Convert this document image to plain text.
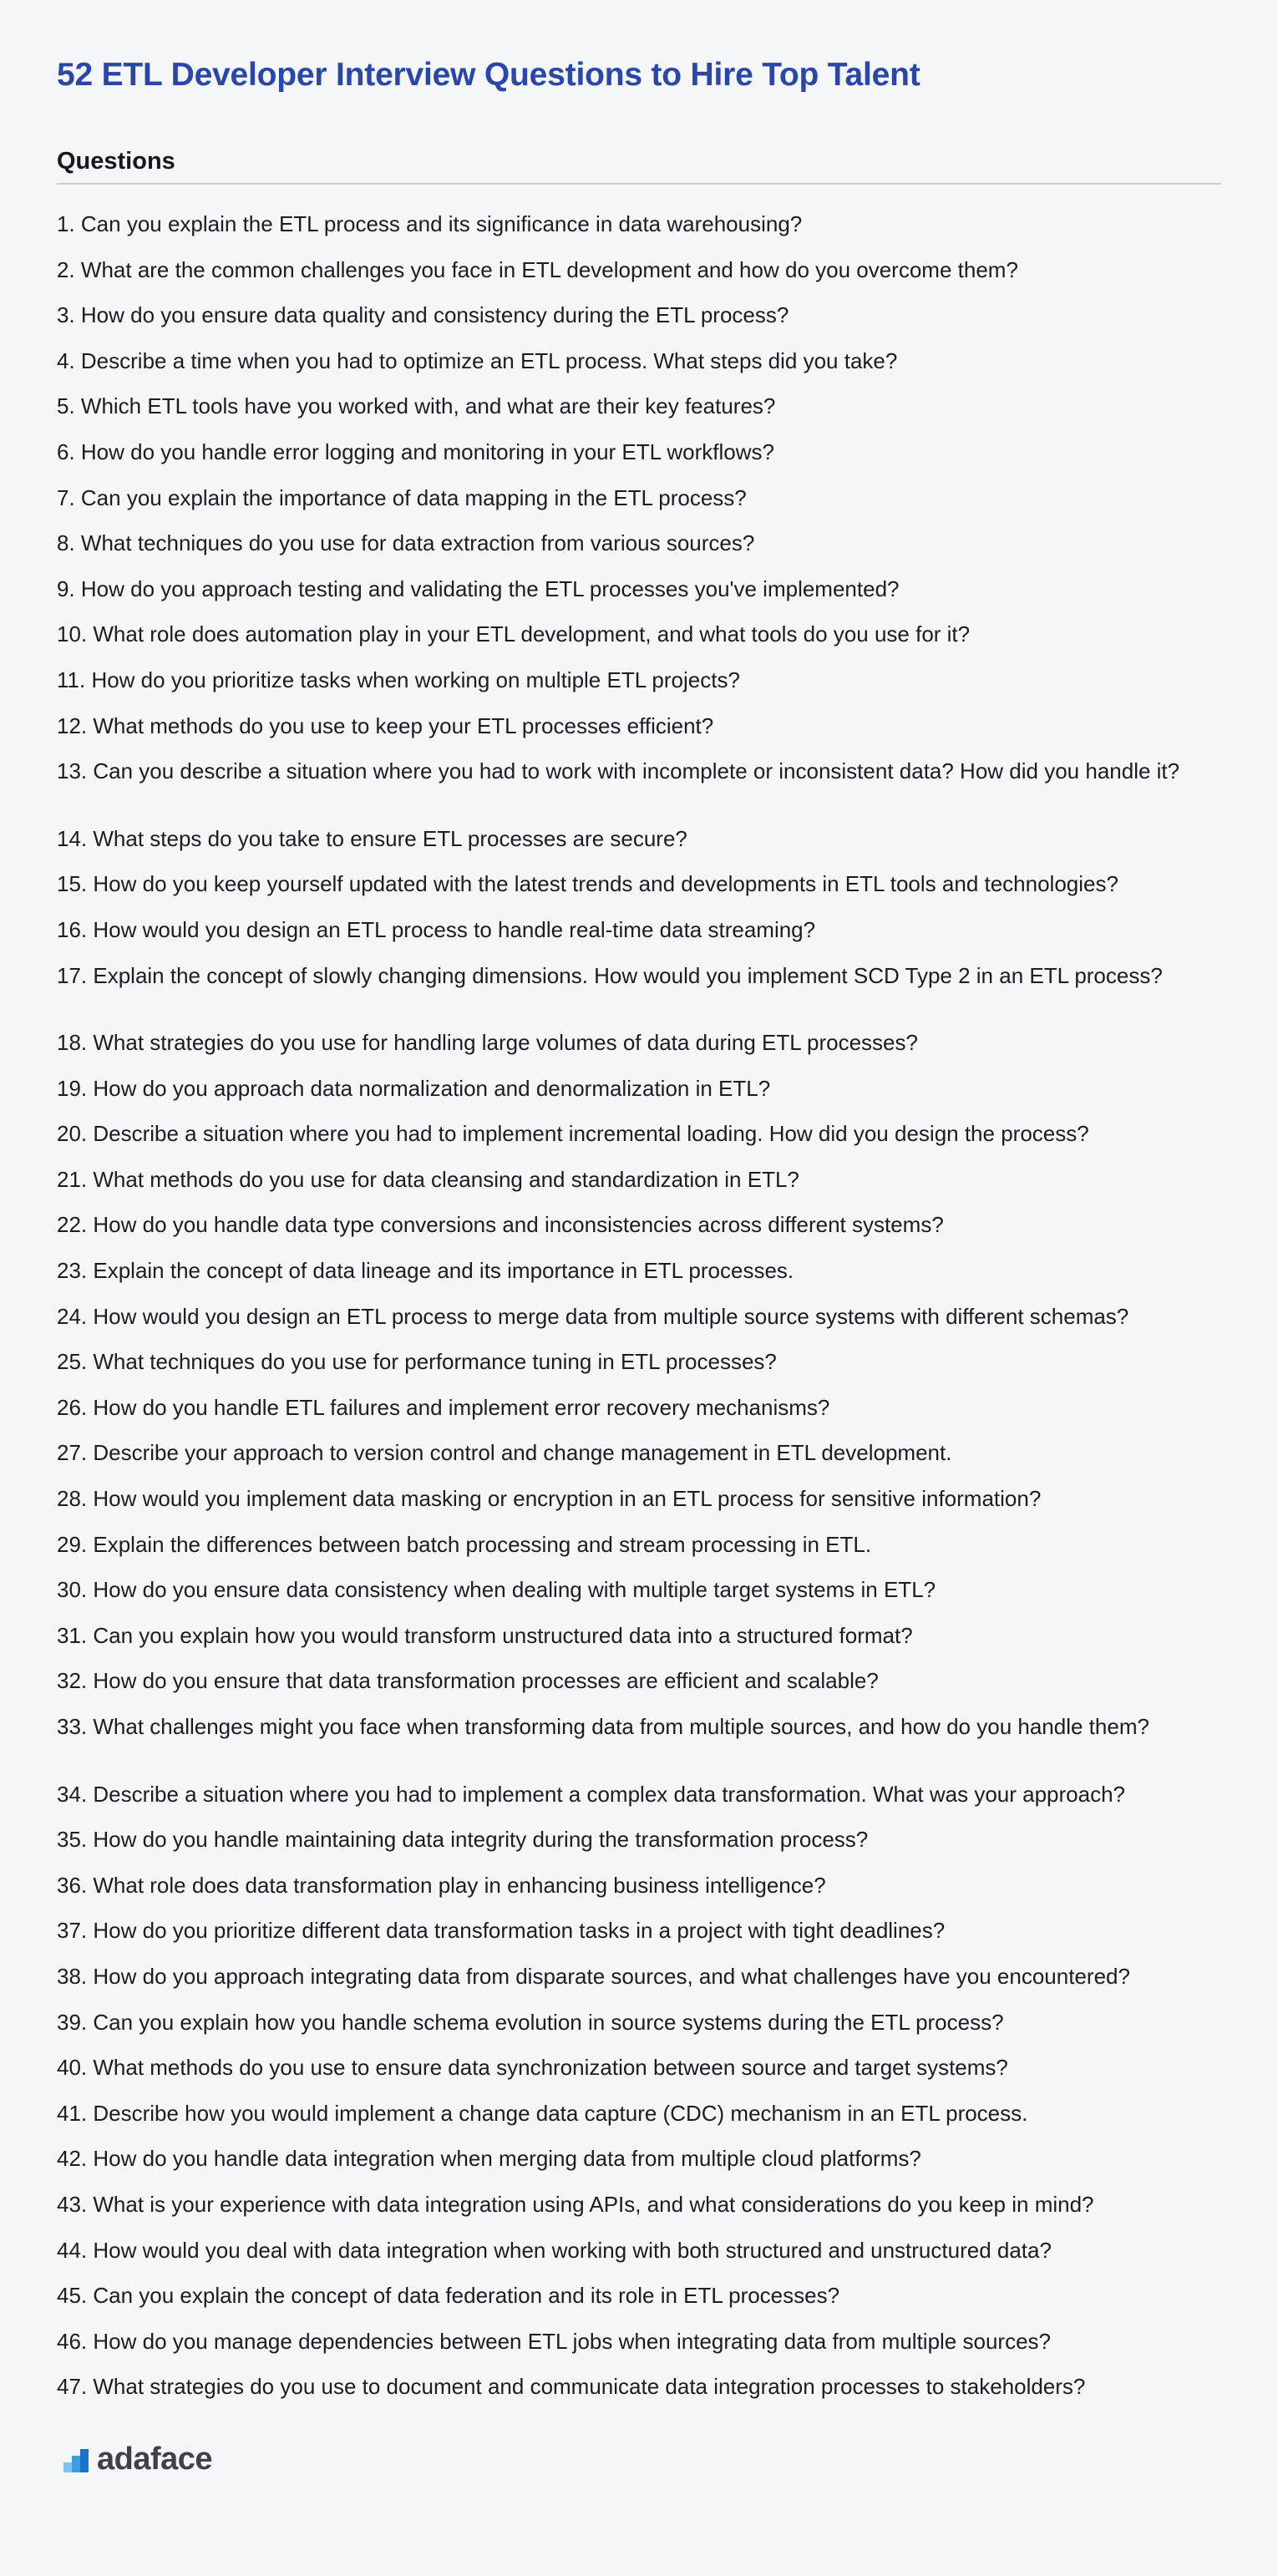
52 ETL Developer Interview Questions to Hire Top Talent
Questions
1. Can you explain the ETL process and its significance in data warehousing?
2. What are the common challenges you face in ETL development and how do you overcome them?
3. How do you ensure data quality and consistency during the ETL process?
4. Describe a time when you had to optimize an ETL process. What steps did you take?
5. Which ETL tools have you worked with, and what are their key features?
6. How do you handle error logging and monitoring in your ETL workflows?
7. Can you explain the importance of data mapping in the ETL process?
8. What techniques do you use for data extraction from various sources?
9. How do you approach testing and validating the ETL processes you've implemented?
10. What role does automation play in your ETL development, and what tools do you use for it?
11. How do you prioritize tasks when working on multiple ETL projects?
12. What methods do you use to keep your ETL processes efficient?
13. Can you describe a situation where you had to work with incomplete or inconsistent data? How did you handle it?
14. What steps do you take to ensure ETL processes are secure?
15. How do you keep yourself updated with the latest trends and developments in ETL tools and technologies?
16. How would you design an ETL process to handle real-time data streaming?
17. Explain the concept of slowly changing dimensions. How would you implement SCD Type 2 in an ETL process?
18. What strategies do you use for handling large volumes of data during ETL processes?
19. How do you approach data normalization and denormalization in ETL?
20. Describe a situation where you had to implement incremental loading. How did you design the process?
21. What methods do you use for data cleansing and standardization in ETL?
22. How do you handle data type conversions and inconsistencies across different systems?
23. Explain the concept of data lineage and its importance in ETL processes.
24. How would you design an ETL process to merge data from multiple source systems with different schemas?
25. What techniques do you use for performance tuning in ETL processes?
26. How do you handle ETL failures and implement error recovery mechanisms?
27. Describe your approach to version control and change management in ETL development.
28. How would you implement data masking or encryption in an ETL process for sensitive information?
29. Explain the differences between batch processing and stream processing in ETL.
30. How do you ensure data consistency when dealing with multiple target systems in ETL?
31. Can you explain how you would transform unstructured data into a structured format?
32. How do you ensure that data transformation processes are efficient and scalable?
33. What challenges might you face when transforming data from multiple sources, and how do you handle them?
34. Describe a situation where you had to implement a complex data transformation. What was your approach?
35. How do you handle maintaining data integrity during the transformation process?
36. What role does data transformation play in enhancing business intelligence?
37. How do you prioritize different data transformation tasks in a project with tight deadlines?
38. How do you approach integrating data from disparate sources, and what challenges have you encountered?
39. Can you explain how you handle schema evolution in source systems during the ETL process?
40. What methods do you use to ensure data synchronization between source and target systems?
41. Describe how you would implement a change data capture (CDC) mechanism in an ETL process.
42. How do you handle data integration when merging data from multiple cloud platforms?
43. What is your experience with data integration using APIs, and what considerations do you keep in mind?
44. How would you deal with data integration when working with both structured and unstructured data?
45. Can you explain the concept of data federation and its role in ETL processes?
46. How do you manage dependencies between ETL jobs when integrating data from multiple sources?
47. What strategies do you use to document and communicate data integration processes to stakeholders?
adaface
